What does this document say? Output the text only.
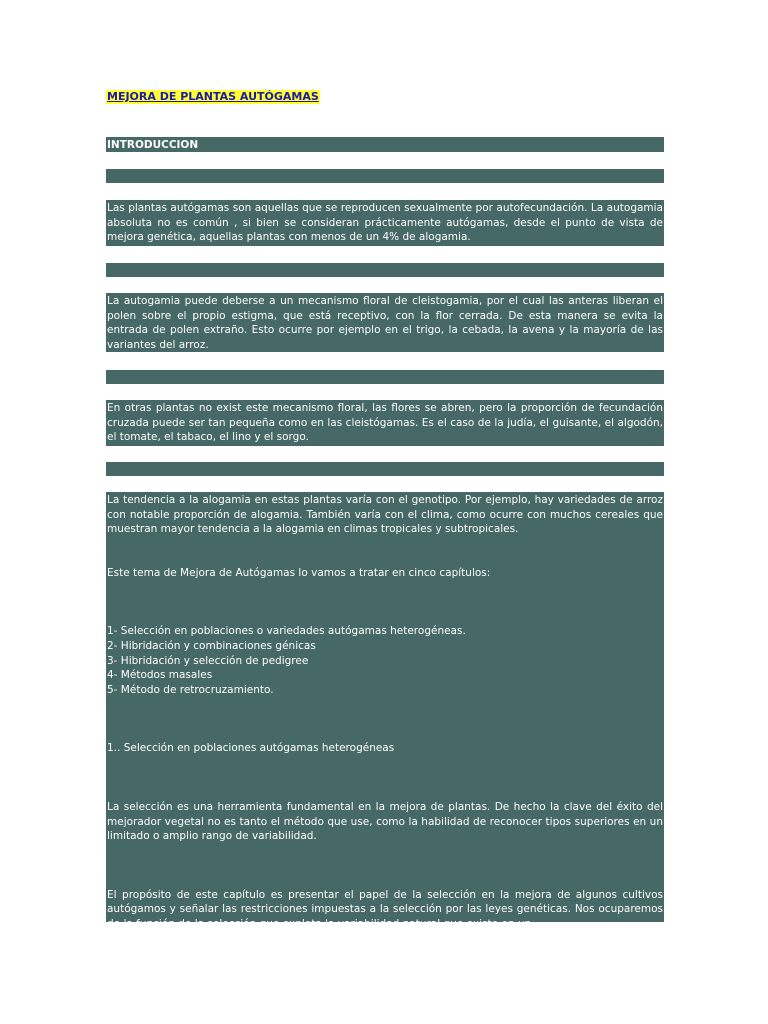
MEJORA DE PLANTAS AUTÓGAMAS
INTRODUCCION
Las plantas autógamas son aquellas que se reproducen sexualmente por autofecundación. La autogamia absoluta no es común , si bien se consideran prácticamente autógamas, desde el punto de vista de mejora genética, aquellas plantas con menos de un 4% de alogamia.
La autogamia puede deberse a un mecanismo floral de cleistogamia, por el cual las anteras liberan el polen sobre el propio estigma, que está receptivo, con la flor cerrada. De esta manera se evita la entrada de polen extraño. Esto ocurre por ejemplo en el trigo, la cebada, la avena y la mayoría de las variantes del arroz.
En otras plantas no exist este mecanismo floral, las flores se abren, pero la proporción de fecundación cruzada puede ser tan pequeña como en las cleistógamas. Es el caso de la judía, el guisante, el algodón, el tomate, el tabaco, el lino y el sorgo.
La tendencia a la alogamia en estas plantas varía con el genotipo. Por ejemplo, hay variedades de arroz con notable proporción de alogamia. También varía con el clima, como ocurre con muchos cereales que muestran mayor tendencia a la alogamia en climas tropicales y subtropicales.
Este tema de Mejora de Autógamas lo vamos a tratar en cinco capítulos:
1- Selección en poblaciones o variedades autógamas heterogéneas.
2- Hibridación y combinaciones génicas
3- Hibridación y selección de pedigree
4- Métodos masales
5- Método de retrocruzamiento.
1.. Selección en poblaciones autógamas heterogéneas
La selección es una herramienta fundamental en la mejora de plantas. De hecho la clave del éxito del mejorador vegetal no es tanto el método que use, como la habilidad de reconocer tipos superiores en un limitado o amplio rango de variabilidad.
El propósito de este capítulo es presentar el papel de la selección en la mejora de algunos cultivos autógamos y señalar las restricciones impuestas a la selección por las leyes genéticas. Nos ocuparemos de la función de la selección que explota la variabilidad natural que existe en un
